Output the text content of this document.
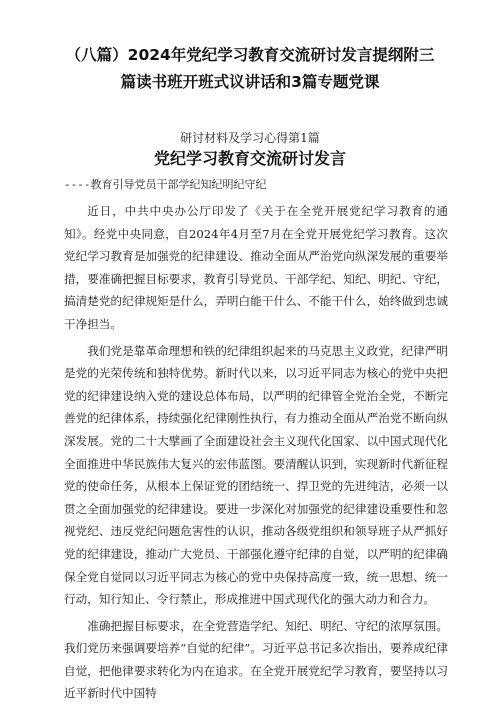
（八篇）2024年党纪学习教育交流研讨发言提纲附三篇读书班开班式议讲话和3篇专题党课

研讨材料及学习心得第1篇

党纪学习教育交流研讨发言

----教育引导党员干部学纪知纪明纪守纪

近日，中共中央办公厅印发了《关于在全党开展党纪学习教育的通知》。经党中央同意，自2024年4月至7月在全党开展党纪学习教育。这次党纪学习教育是加强党的纪律建设、推动全面从严治党向纵深发展的重要举措，要准确把握目标要求，教育引导党员、干部学纪、知纪、明纪、守纪，搞清楚党的纪律规矩是什么，弄明白能干什么、不能干什么，始终做到忠诚干净担当。

我们党是靠革命理想和铁的纪律组织起来的马克思主义政党，纪律严明是党的光荣传统和独特优势。新时代以来，以习近平同志为核心的党中央把党的纪律建设纳入党的建设总体布局，以严明的纪律管全党治全党，不断完善党的纪律体系，持续强化纪律刚性执行，有力推动全面从严治党不断向纵深发展。党的二十大擘画了全面建设社会主义现代化国家、以中国式现代化全面推进中华民族伟大复兴的宏伟蓝图。要清醒认识到，实现新时代新征程党的使命任务，从根本上保证党的团结统一、捍卫党的先进纯洁，必须一以贯之全面加强党的纪律建设。要进一步深化对加强党的纪律建设重要性和忽视党纪、违反党纪问题危害性的认识，推动各级党组织和领导班子从严抓好党的纪律建设，推动广大党员、干部强化遵守纪律的自觉，以严明的纪律确保全党自觉同以习近平同志为核心的党中央保持高度一致，统一思想、统一行动，知行知止、令行禁止，形成推进中国式现代化的强大动力和合力。

准确把握目标要求，在全党营造学纪、知纪、明纪、守纪的浓厚氛围。我们党历来强调要培养“自觉的纪律”。习近平总书记多次指出，要养成纪律自觉，把他律要求转化为内在追求。在全党开展党纪学习教育，要坚持以习近平新时代中国特
